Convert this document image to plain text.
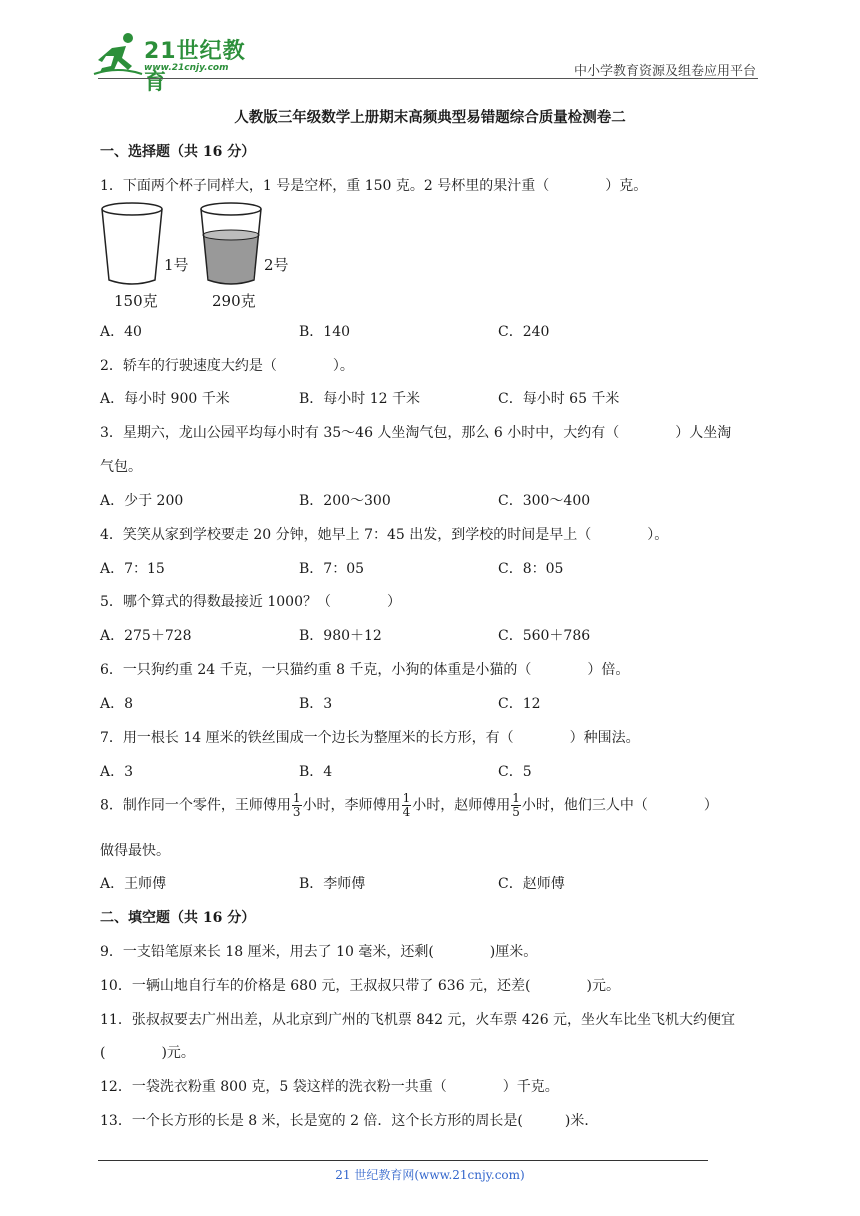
21世纪教育
www.21cnjy.com	中小学教育资源及组卷应用平台
人教版三年级数学上册期末高频典型易错题综合质量检测卷二
一、选择题（共 16 分）
1．下面两个杯子同样大，1 号是空杯，重 150 克。2 号杯里的果汁重（　　　　）克。
1号
150克
2号
290克
A．40	B．140	C．240
2．轿车的行驶速度大约是（　　　　）。
A．每小时 900 千米	B．每小时 12 千米	C．每小时 65 千米
3．星期六，龙山公园平均每小时有 35～46 人坐淘气包，那么 6 小时中，大约有（　　　　）人坐淘
气包。
A．少于 200	B．200～300	C．300～400
4．笑笑从家到学校要走 20 分钟，她早上 7：45 出发，到学校的时间是早上（　　　　）。
A．7：15	B．7：05	C．8：05
5．哪个算式的得数最接近 1000？（　　　　）
A．275＋728	B．980＋12	C．560＋786
6．一只狗约重 24 千克，一只猫约重 8 千克，小狗的体重是小猫的（　　　　）倍。
A．8	B．3	C．12
7．用一根长 14 厘米的铁丝围成一个边长为整厘米的长方形，有（　　　　）种围法。
A．3	B．4	C．5
8．制作同一个零件，王师傅用 $\frac{1}{3}$ 小时，李师傅用 $\frac{1}{4}$ 小时，赵师傅用 $\frac{1}{5}$ 小时，他们三人中（　　　　）
做得最快。
A．王师傅	B．李师傅	C．赵师傅
二、填空题（共 16 分）
9．一支铅笔原来长 18 厘米，用去了 10 毫米，还剩(　　　　)厘米。
10．一辆山地自行车的价格是 680 元，王叔叔只带了 636 元，还差(　　　　)元。
11．张叔叔要去广州出差，从北京到广州的飞机票 842 元，火车票 426 元，坐火车比坐飞机大约便宜
(　　　　)元。
12．一袋洗衣粉重 800 克，5 袋这样的洗衣粉一共重（　　　　）千克。
13．一个长方形的长是 8 米，长是宽的 2 倍．这个长方形的周长是(　　　)米．
21 世纪教育网(www.21cnjy.com)
